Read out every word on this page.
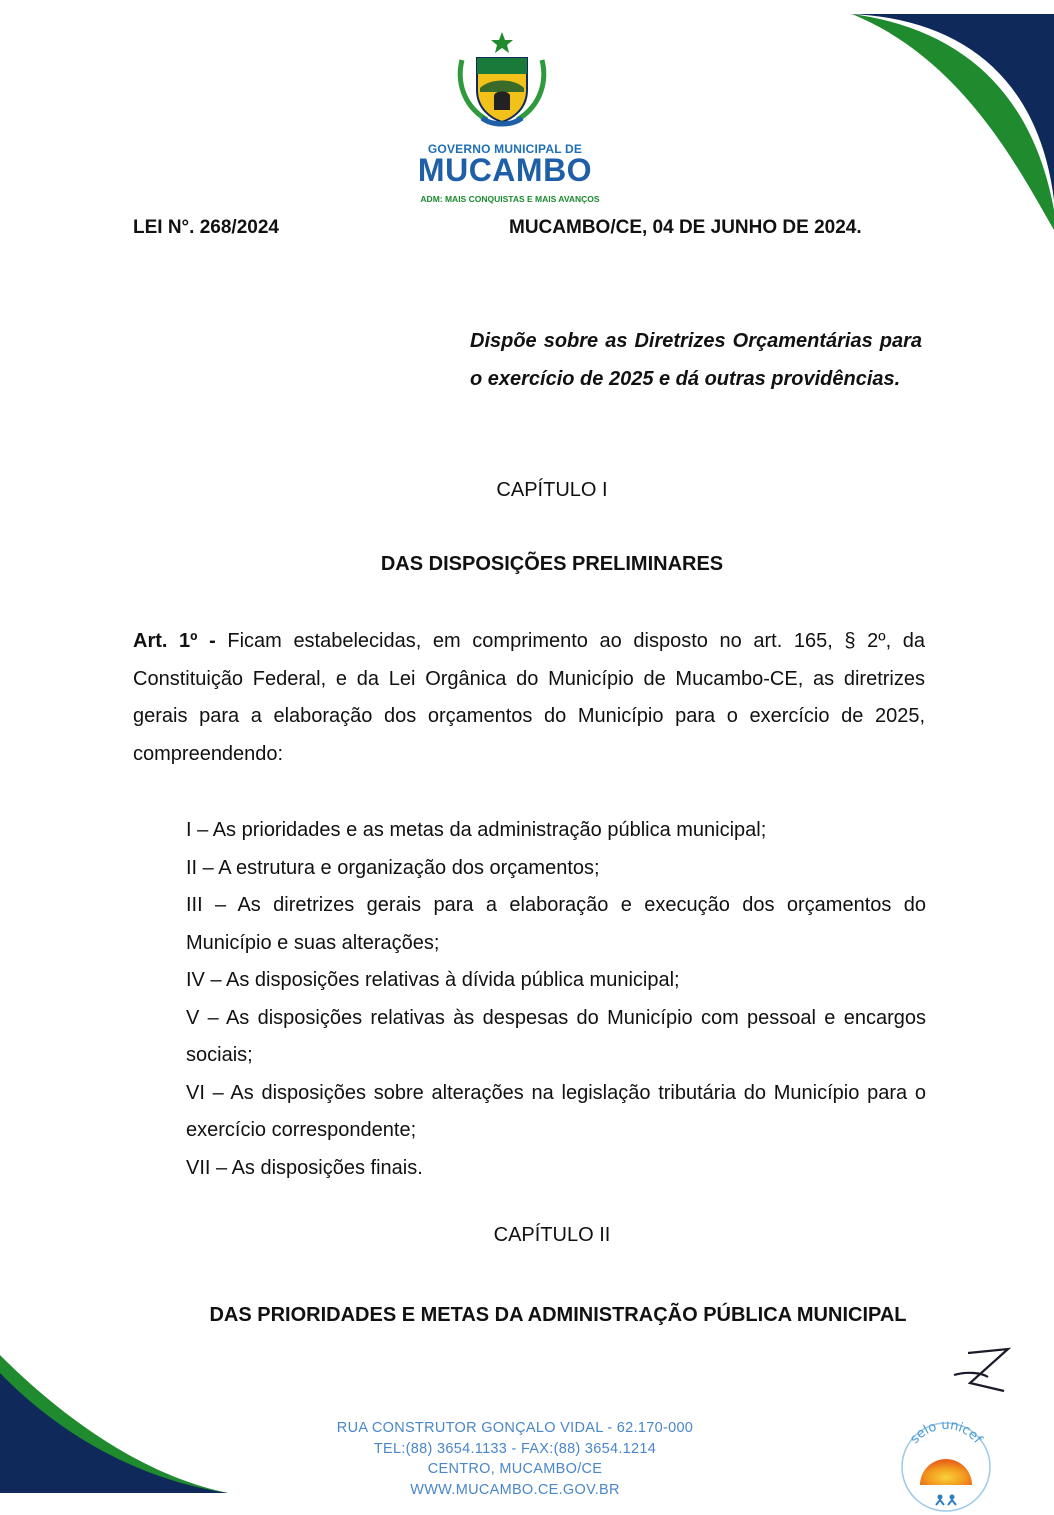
GOVERNO MUNICIPAL DE
MUCAMBO
ADM: MAIS CONQUISTAS E MAIS AVANÇOS
LEI N°. 268/2024	MUCAMBO/CE, 04 DE JUNHO DE 2024.
Dispõe sobre as Diretrizes Orçamentárias para o exercício de 2025 e dá outras providências.
CAPÍTULO I
DAS DISPOSIÇÕES PRELIMINARES
Art. 1º - Ficam estabelecidas, em comprimento ao disposto no art. 165, § 2º, da Constituição Federal, e da Lei Orgânica do Município de Mucambo-CE, as diretrizes gerais para a elaboração dos orçamentos do Município para o exercício de 2025, compreendendo:

I – As prioridades e as metas da administração pública municipal;

II – A estrutura e organização dos orçamentos;

III – As diretrizes gerais para a elaboração e execução dos orçamentos do Município e suas alterações;

IV – As disposições relativas à dívida pública municipal;

V – As disposições relativas às despesas do Município com pessoal e encargos sociais;

VI – As disposições sobre alterações na legislação tributária do Município para o exercício correspondente;

VII – As disposições finais.

CAPÍTULO II
DAS PRIORIDADES E METAS DA ADMINISTRAÇÃO PÚBLICA MUNICIPAL
RUA CONSTRUTOR GONÇALO VIDAL - 62.170-000
TEL:(88) 3654.1133 - FAX:(88) 3654.1214
CENTRO, MUCAMBO/CE
WWW.MUCAMBO.CE.GOV.BR
selo unicef
